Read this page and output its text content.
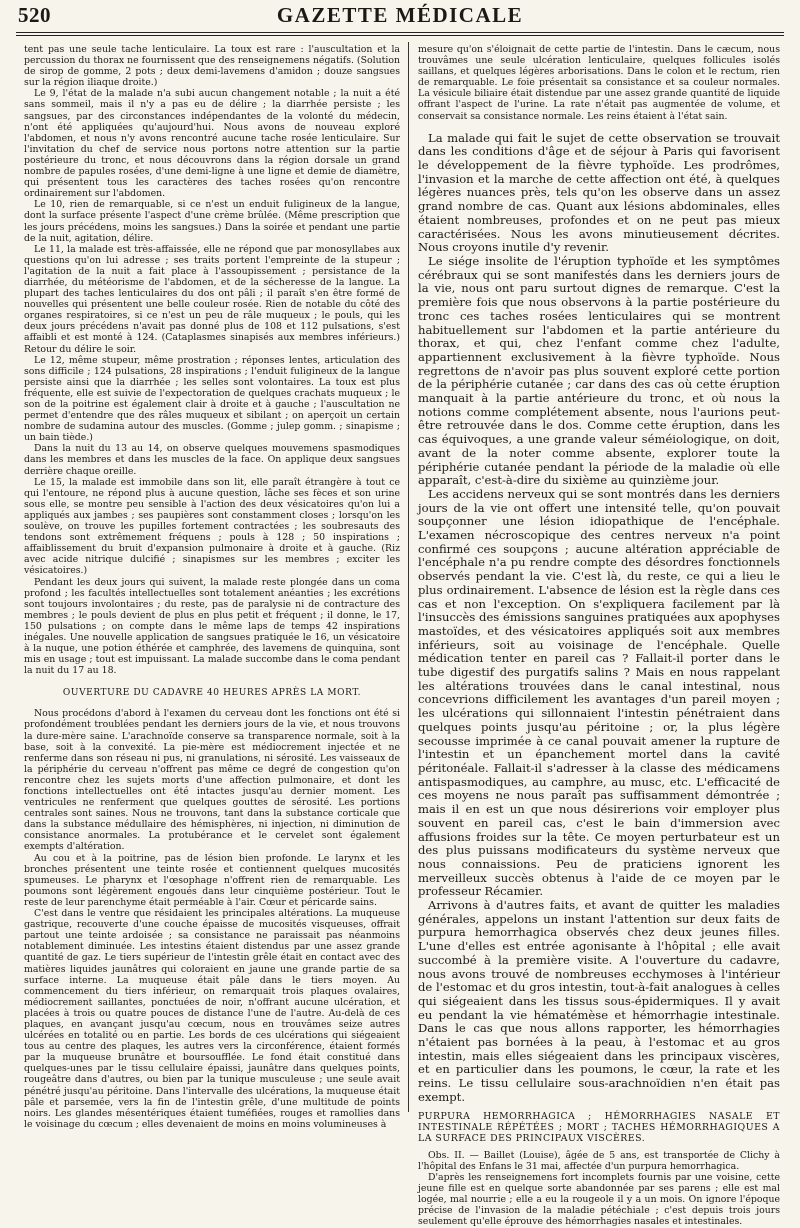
520	GAZETTE MÉDICALE

tent pas une seule tache lenticulaire. La toux est rare : l'auscultation et la percussion du thorax ne fournissent que des renseignemens négatifs. (Solution de sirop de gomme, 2 pots ; deux demi-lavemens d'amidon ; douze sangsues sur la région iliaque droite.)

Le 9, l'état de la malade n'a subi aucun changement notable ; la nuit a été sans sommeil, mais il n'y a pas eu de délire ; la diarrhée persiste ; les sangsues, par des circonstances indépendantes de la volonté du médecin, n'ont été appliquées qu'aujourd'hui. Nous avons de nouveau exploré l'abdomen, et nous n'y avons rencontré aucune tache rosée lenticulaire. Sur l'invitation du chef de service nous portons notre attention sur la partie postérieure du tronc, et nous découvrons dans la région dorsale un grand nombre de papules rosées, d'une demi-ligne à une ligne et demie de diamètre, qui présentent tous les caractères des taches rosées qu'on rencontre ordinairement sur l'abdomen.

Le 10, rien de remarquable, si ce n'est un enduit fuligineux de la langue, dont la surface présente l'aspect d'une crème brûlée. (Même prescription que les jours précédens, moins les sangsues.) Dans la soirée et pendant une partie de la nuit, agitation, délire.

Le 11, la malade est très-affaissée, elle ne répond que par monosyllabes aux questions qu'on lui adresse ; ses traits portent l'empreinte de la stupeur ; l'agitation de la nuit a fait place à l'assoupissement ; persistance de la diarrhée, du météorisme de l'abdomen, et de la sécheresse de la langue. La plupart des taches lenticulaires du dos ont pâli ; il paraît s'en être formé de nouvelles qui présentent une belle couleur rosée. Rien de notable du côté des organes respiratoires, si ce n'est un peu de râle muqueux ; le pouls, qui les deux jours précédens n'avait pas donné plus de 108 et 112 pulsations, s'est affaibli et est monté à 124. (Cataplasmes sinapisés aux membres inférieurs.) Retour du délire le soir.

Le 12, même stupeur, même prostration ; réponses lentes, articulation des sons difficile ; 124 pulsations, 28 inspirations ; l'enduit fuligineux de la langue persiste ainsi que la diarrhée ; les selles sont volontaires. La toux est plus fréquente, elle est suivie de l'expectoration de quelques crachats muqueux ; le son de la poitrine est également clair à droite et à gauche ; l'auscultation ne permet d'entendre que des râles muqueux et sibilant ; on aperçoit un certain nombre de sudamina autour des muscles. (Gomme ; julep gomm. ; sinapisme ; un bain tiède.)

Dans la nuit du 13 au 14, on observe quelques mouvemens spasmodiques dans les membres et dans les muscles de la face. On applique deux sangsues derrière chaque oreille.

Le 15, la malade est immobile dans son lit, elle paraît étrangère à tout ce qui l'entoure, ne répond plus à aucune question, lâche ses fèces et son urine sous elle, se montre peu sensible à l'action des deux vésicatoires qu'on lui a appliqués aux jambes ; ses paupières sont constamment closes ; lorsqu'on les soulève, on trouve les pupilles fortement contractées ; les soubresauts des tendons sont extrêmement fréquens ; pouls à 128 ; 50 inspirations ; affaiblissement du bruit d'expansion pulmonaire à droite et à gauche. (Riz avec acide nitrique dulcifié ; sinapismes sur les membres ; exciter les vésicatoires.)

Pendant les deux jours qui suivent, la malade reste plongée dans un coma profond ; les facultés intellectuelles sont totalement anéanties ; les excrétions sont toujours involontaires ; du reste, pas de paralysie ni de contracture des membres ; le pouls devient de plus en plus petit et fréquent ; il donne, le 17, 150 pulsations ; on compte dans le même laps de temps 42 inspirations inégales. Une nouvelle application de sangsues pratiquée le 16, un vésicatoire à la nuque, une potion éthérée et camphrée, des lavemens de quinquina, sont mis en usage ; tout est impuissant. La malade succombe dans le coma pendant la nuit du 17 au 18.

OUVERTURE DU CADAVRE 40 HEURES APRÈS LA MORT.

Nous procédons d'abord à l'examen du cerveau dont les fonctions ont été si profondément troublées pendant les derniers jours de la vie, et nous trouvons la dure-mère saine. L'arachnoïde conserve sa transparence normale, soit à la base, soit à la convexité. La pie-mère est médiocrement injectée et ne renferme dans son réseau ni pus, ni granulations, ni sérosité. Les vaisseaux de la périphérie du cerveau n'offrent pas même ce degré de congestion qu'on rencontre chez les sujets morts d'une affection pulmonaire, et dont les fonctions intellectuelles ont été intactes jusqu'au dernier moment. Les ventricules ne renferment que quelques gouttes de sérosité. Les portions centrales sont saines. Nous ne trouvons, tant dans la substance corticale que dans la substance médullaire des hémisphères, ni injection, ni diminution de consistance anormales. La protubérance et le cervelet sont également exempts d'altération.

Au cou et à la poitrine, pas de lésion bien profonde. Le larynx et les bronches présentent une teinte rosée et contiennent quelques mucosités spumeuses. Le pharynx et l'œsophage n'offrent rien de remarquable. Les poumons sont légèrement engoués dans leur cinquième postérieur. Tout le reste de leur parenchyme était perméable à l'air. Cœur et péricarde sains.

C'est dans le ventre que résidaient les principales altérations. La muqueuse gastrique, recouverte d'une couche épaisse de mucosités visqueuses, offrait partout une teinte ardoisée ; sa consistance ne paraissait pas néanmoins notablement diminuée. Les intestins étaient distendus par une assez grande quantité de gaz. Le tiers supérieur de l'intestin grêle était en contact avec des matières liquides jaunâtres qui coloraient en jaune une grande partie de sa surface interne. La muqueuse était pâle dans le tiers moyen. Au commencement du tiers inférieur, on remarquait trois plaques ovalaires, médiocrement saillantes, ponctuées de noir, n'offrant aucune ulcération, et placées à trois ou quatre pouces de distance l'une de l'autre. Au-delà de ces plaques, en avançant jusqu'au cœcum, nous en trouvâmes seize autres ulcérées en totalité ou en partie. Les bords de ces ulcérations qui siégeaient tous au centre des plaques, les autres vers la circonférence, étaient formés par la muqueuse brunâtre et boursoufflée. Le fond était constitué dans quelques-unes par le tissu cellulaire épaissi, jaunâtre dans quelques points, rougeâtre dans d'autres, ou bien par la tunique musculeuse ; une seule avait pénétré jusqu'au péritoine. Dans l'intervalle des ulcérations, la muqueuse était pâle et parsemée, vers la fin de l'intestin grêle, d'une multitude de points noirs. Les glandes mésentériques étaient tuméfiées, rouges et ramollies dans le voisinage du cœcum ; elles devenaient de moins en moins volumineuses à

mesure qu'on s'éloignait de cette partie de l'intestin. Dans le cæcum, nous trouvâmes une seule ulcération lenticulaire, quelques follicules isolés saillans, et quelques légères arborisations. Dans le colon et le rectum, rien de remarquable. Le foie présentait sa consistance et sa couleur normales. La vésicule biliaire était distendue par une assez grande quantité de liquide offrant l'aspect de l'urine. La rate n'était pas augmentée de volume, et conservait sa consistance normale. Les reins étaient à l'état sain.

La malade qui fait le sujet de cette observation se trouvait dans les conditions d'âge et de séjour à Paris qui favorisent le développement de la fièvre typhoïde. Les prodrômes, l'invasion et la marche de cette affection ont été, à quelques légères nuances près, tels qu'on les observe dans un assez grand nombre de cas. Quant aux lésions abdominales, elles étaient nombreuses, profondes et on ne peut pas mieux caractérisées. Nous les avons minutieusement décrites. Nous croyons inutile d'y revenir.

Le siége insolite de l'éruption typhoïde et les symptômes cérébraux qui se sont manifestés dans les derniers jours de la vie, nous ont paru surtout dignes de remarque. C'est la première fois que nous observons à la partie postérieure du tronc ces taches rosées lenticulaires qui se montrent habituellement sur l'abdomen et la partie antérieure du thorax, et qui, chez l'enfant comme chez l'adulte, appartiennent exclusivement à la fièvre typhoïde. Nous regrettons de n'avoir pas plus souvent exploré cette portion de la périphérie cutanée ; car dans des cas où cette éruption manquait à la partie antérieure du tronc, et où nous la notions comme complétement absente, nous l'aurions peut-être retrouvée dans le dos. Comme cette éruption, dans les cas équivoques, a une grande valeur séméiologique, on doit, avant de la noter comme absente, explorer toute la périphérie cutanée pendant la période de la maladie où elle apparaît, c'est-à-dire du sixième au quinzième jour.

Les accidens nerveux qui se sont montrés dans les derniers jours de la vie ont offert une intensité telle, qu'on pouvait soupçonner une lésion idiopathique de l'encéphale. L'examen nécroscopique des centres nerveux n'a point confirmé ces soupçons ; aucune altération appréciable de l'encéphale n'a pu rendre compte des désordres fonctionnels observés pendant la vie. C'est là, du reste, ce qui a lieu le plus ordinairement. L'absence de lésion est la règle dans ces cas et non l'exception. On s'expliquera facilement par là l'insuccès des émissions sanguines pratiquées aux apophyses mastoïdes, et des vésicatoires appliqués soit aux membres inférieurs, soit au voisinage de l'encéphale. Quelle médication tenter en pareil cas ? Fallait-il porter dans le tube digestif des purgatifs salins ? Mais en nous rappelant les altérations trouvées dans le canal intestinal, nous concevrions difficilement les avantages d'un pareil moyen ; les ulcérations qui sillonnaient l'intestin pénétraient dans quelques points jusqu'au péritoine ; or, la plus légère secousse imprimée à ce canal pouvait amener la rupture de l'intestin et un épanchement mortel dans la cavité péritonéale. Fallait-il s'adresser à la classe des médicamens antispasmodiques, au camphre, au musc, etc. L'efficacité de ces moyens ne nous paraît pas suffisamment démontrée ; mais il en est un que nous désirerions voir employer plus souvent en pareil cas, c'est le bain d'immersion avec affusions froides sur la tête. Ce moyen perturbateur est un des plus puissans modificateurs du système nerveux que nous connaissions. Peu de praticiens ignorent les merveilleux succès obtenus à l'aide de ce moyen par le professeur Récamier.

Arrivons à d'autres faits, et avant de quitter les maladies générales, appelons un instant l'attention sur deux faits de purpura hemorrhagica observés chez deux jeunes filles. L'une d'elles est entrée agonisante à l'hôpital ; elle avait succombé à la première visite. A l'ouverture du cadavre, nous avons trouvé de nombreuses ecchymoses à l'intérieur de l'estomac et du gros intestin, tout-à-fait analogues à celles qui siégeaient dans les tissus sous-épidermiques. Il y avait eu pendant la vie hématémèse et hémorrhagie intestinale. Dans le cas que nous allons rapporter, les hémorrhagies n'étaient pas bornées à la peau, à l'estomac et au gros intestin, mais elles siégeaient dans les principaux viscères, et en particulier dans les poumons, le cœur, la rate et les reins. Le tissu cellulaire sous-arachnoïdien n'en était pas exempt.

PURPURA HEMORRHAGICA ; HÉMORRHAGIES NASALE ET INTESTINALE RÉPÉTÉES ; MORT ; TACHES HÉMORRHAGIQUES A LA SURFACE DES PRINCIPAUX VISCÈRES.

Obs. II. — Baillet (Louise), âgée de 5 ans, est transportée de Clichy à l'hôpital des Enfans le 31 mai, affectée d'un purpura hemorrhagica.

D'après les renseignemens fort incomplets fournis par une voisine, cette jeune fille est en quelque sorte abandonnée par ses parens ; elle est mal logée, mal nourrie ; elle a eu la rougeole il y a un mois. On ignore l'époque précise de l'invasion de la maladie pétéchiale ; c'est depuis trois jours seulement qu'elle éprouve des hémorrhagies nasales et intestinales.
